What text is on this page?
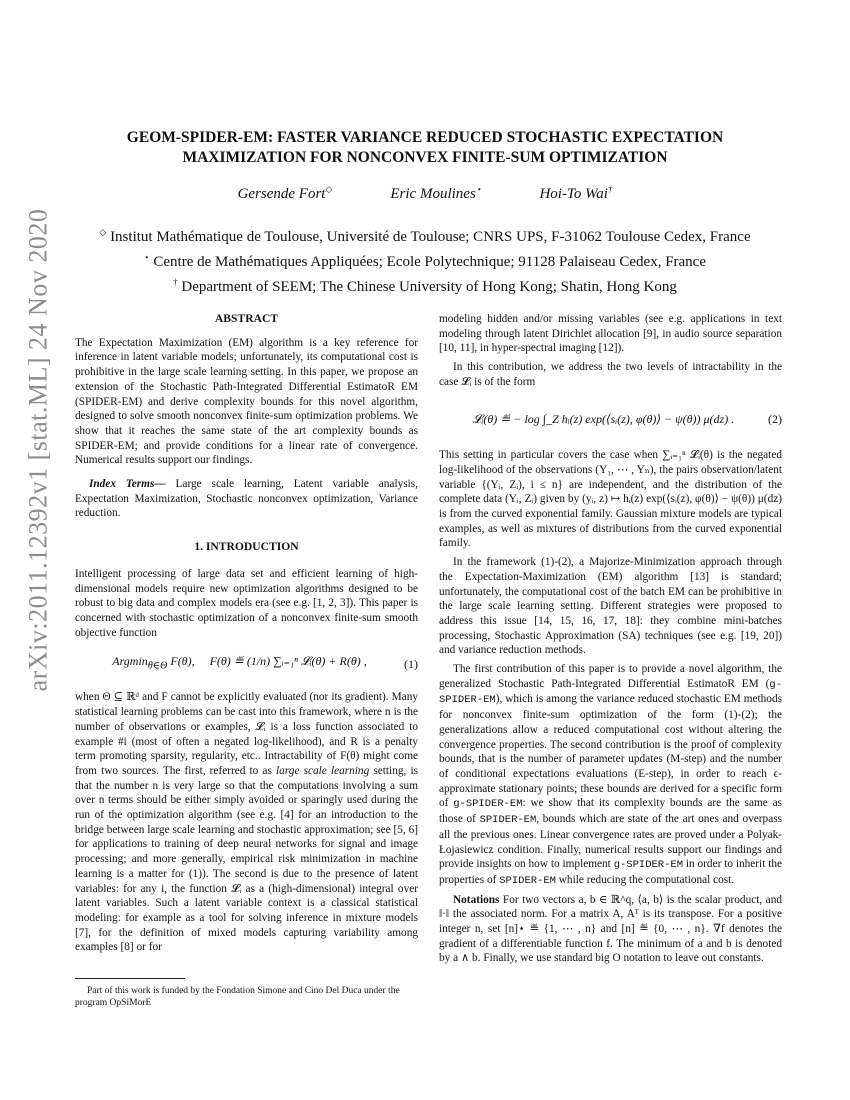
arXiv:2011.12392v1 [stat.ML] 24 Nov 2020
GEOM-SPIDER-EM: FASTER VARIANCE REDUCED STOCHASTIC EXPECTATION
MAXIMIZATION FOR NONCONVEX FINITE-SUM OPTIMIZATION
Gersende Fort◇	Eric Moulines⋆	Hoi-To Wai†
◇ Institut Mathématique de Toulouse, Université de Toulouse; CNRS UPS, F-31062 Toulouse Cedex, France
⋆ Centre de Mathématiques Appliquées; Ecole Polytechnique; 91128 Palaiseau Cedex, France
† Department of SEEM; The Chinese University of Hong Kong; Shatin, Hong Kong

ABSTRACT

The Expectation Maximization (EM) algorithm is a key reference for inference in latent variable models; unfortunately, its computational cost is prohibitive in the large scale learning setting. In this paper, we propose an extension of the Stochastic Path-Integrated Differential EstimatoR EM (SPIDER-EM) and derive complexity bounds for this novel algorithm, designed to solve smooth nonconvex finite-sum optimization problems. We show that it reaches the same state of the art complexity bounds as SPIDER-EM; and provide conditions for a linear rate of convergence. Numerical results support our findings.

Index Terms— Large scale learning, Latent variable analysis, Expectation Maximization, Stochastic nonconvex optimization, Variance reduction.

1. INTRODUCTION

Intelligent processing of large data set and efficient learning of high-dimensional models require new optimization algorithms designed to be robust to big data and complex models era (see e.g. [1, 2, 3]). This paper is concerned with stochastic optimization of a nonconvex finite-sum smooth objective function

Argmin$_{\theta\in\Theta}$ F(θ), F(θ) ≝ (1/n) ∑ᵢ₌₁ⁿ 𝓛ᵢ(θ) + R(θ) ,	(1)

when Θ ⊆ ℝᵈ and F cannot be explicitly evaluated (nor its gradient). Many statistical learning problems can be cast into this framework, where n is the number of observations or examples, 𝓛ᵢ is a loss function associated to example #i (most of often a negated log-likelihood), and R is a penalty term promoting sparsity, regularity, etc.. Intractability of F(θ) might come from two sources. The first, referred to as large scale learning setting, is that the number n is very large so that the computations involving a sum over n terms should be either simply avoided or sparingly used during the run of the optimization algorithm (see e.g. [4] for an introduction to the bridge between large scale learning and stochastic approximation; see [5, 6] for applications to training of deep neural networks for signal and image processing; and more generally, empirical risk minimization in machine learning is a matter for (1)). The second is due to the presence of latent variables: for any i, the function 𝓛ᵢ as a (high-dimensional) integral over latent variables. Such a latent variable context is a classical statistical modeling: for example as a tool for solving inference in mixture models [7], for the definition of mixed models capturing variability among examples [8] or for

Part of this work is funded by the Fondation Simone and Cino Del Duca under the program OpSiMorE

modeling hidden and/or missing variables (see e.g. applications in text modeling through latent Dirichlet allocation [9], in audio source separation [10, 11], in hyper-spectral imaging [12]).

In this contribution, we address the two levels of intractability in the case 𝓛ᵢ is of the form

𝓛ᵢ(θ) ≝ − log ∫_Z hᵢ(z) exp(⟨sᵢ(z), φ(θ)⟩ − ψ(θ)) μ(dz) .	(2)

This setting in particular covers the case when ∑ᵢ₌₁ⁿ 𝓛ᵢ(θ) is the negated log-likelihood of the observations (Y₁, ⋯ , Yₙ), the pairs observation/latent variable {(Yᵢ, Zᵢ), i ≤ n} are independent, and the distribution of the complete data (Yᵢ, Zᵢ) given by (yᵢ, z) ↦ hᵢ(z) exp(⟨sᵢ(z), φ(θ)⟩ − ψ(θ)) μ(dz) is from the curved exponential family. Gaussian mixture models are typical examples, as well as mixtures of distributions from the curved exponential family.

In the framework (1)-(2), a Majorize-Minimization approach through the Expectation-Maximization (EM) algorithm [13] is standard; unfortunately, the computational cost of the batch EM can be prohibitive in the large scale learning setting. Different strategies were proposed to address this issue [14, 15, 16, 17, 18]: they combine mini-batches processing, Stochastic Approximation (SA) techniques (see e.g. [19, 20]) and variance reduction methods.

The first contribution of this paper is to provide a novel algorithm, the generalized Stochastic Path-Integrated Differential EstimatoR EM (g-SPIDER-EM), which is among the variance reduced stochastic EM methods for nonconvex finite-sum optimization of the form (1)-(2); the generalizations allow a reduced computational cost without altering the convergence properties. The second contribution is the proof of complexity bounds, that is the number of parameter updates (M-step) and the number of conditional expectations evaluations (E-step), in order to reach ϵ-approximate stationary points; these bounds are derived for a specific form of g-SPIDER-EM: we show that its complexity bounds are the same as those of SPIDER-EM, bounds which are state of the art ones and overpass all the previous ones. Linear convergence rates are proved under a Polyak-Łojasiewicz condition. Finally, numerical results support our findings and provide insights on how to implement g-SPIDER-EM in order to inherit the properties of SPIDER-EM while reducing the computational cost.

Notations For two vectors a, b ∈ ℝ^q, ⟨a, b⟩ is the scalar product, and ‖·‖ the associated norm. For a matrix A, Aᵀ is its transpose. For a positive integer n, set [n]⋆ ≝ {1, ⋯ , n} and [n] ≝ {0, ⋯ , n}. ∇f denotes the gradient of a differentiable function f. The minimum of a and b is denoted by a ∧ b. Finally, we use standard big O notation to leave out constants.
